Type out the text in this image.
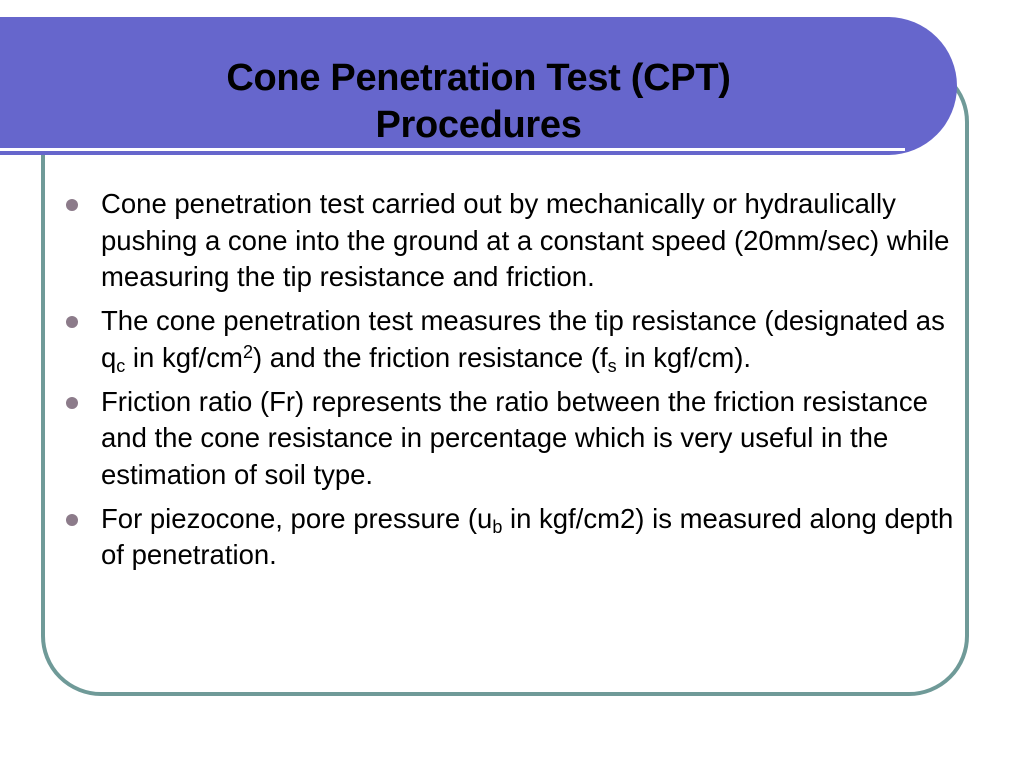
Cone Penetration Test (CPT)
Procedures
Cone penetration test carried out by mechanically or hydraulically pushing a cone into the ground at a constant speed (20mm/sec) while measuring the tip resistance and friction.
The cone penetration test measures the tip resistance (designated as $q_c$ in kgf/$cm^2$) and the friction resistance ($f_s$ in kgf/cm).
Friction ratio (Fr) represents the ratio between the friction resistance and the cone resistance in percentage which is very useful in the estimation of soil type.
For piezocone, pore pressure ($u_b$ in kgf/cm2) is measured along depth of penetration.
